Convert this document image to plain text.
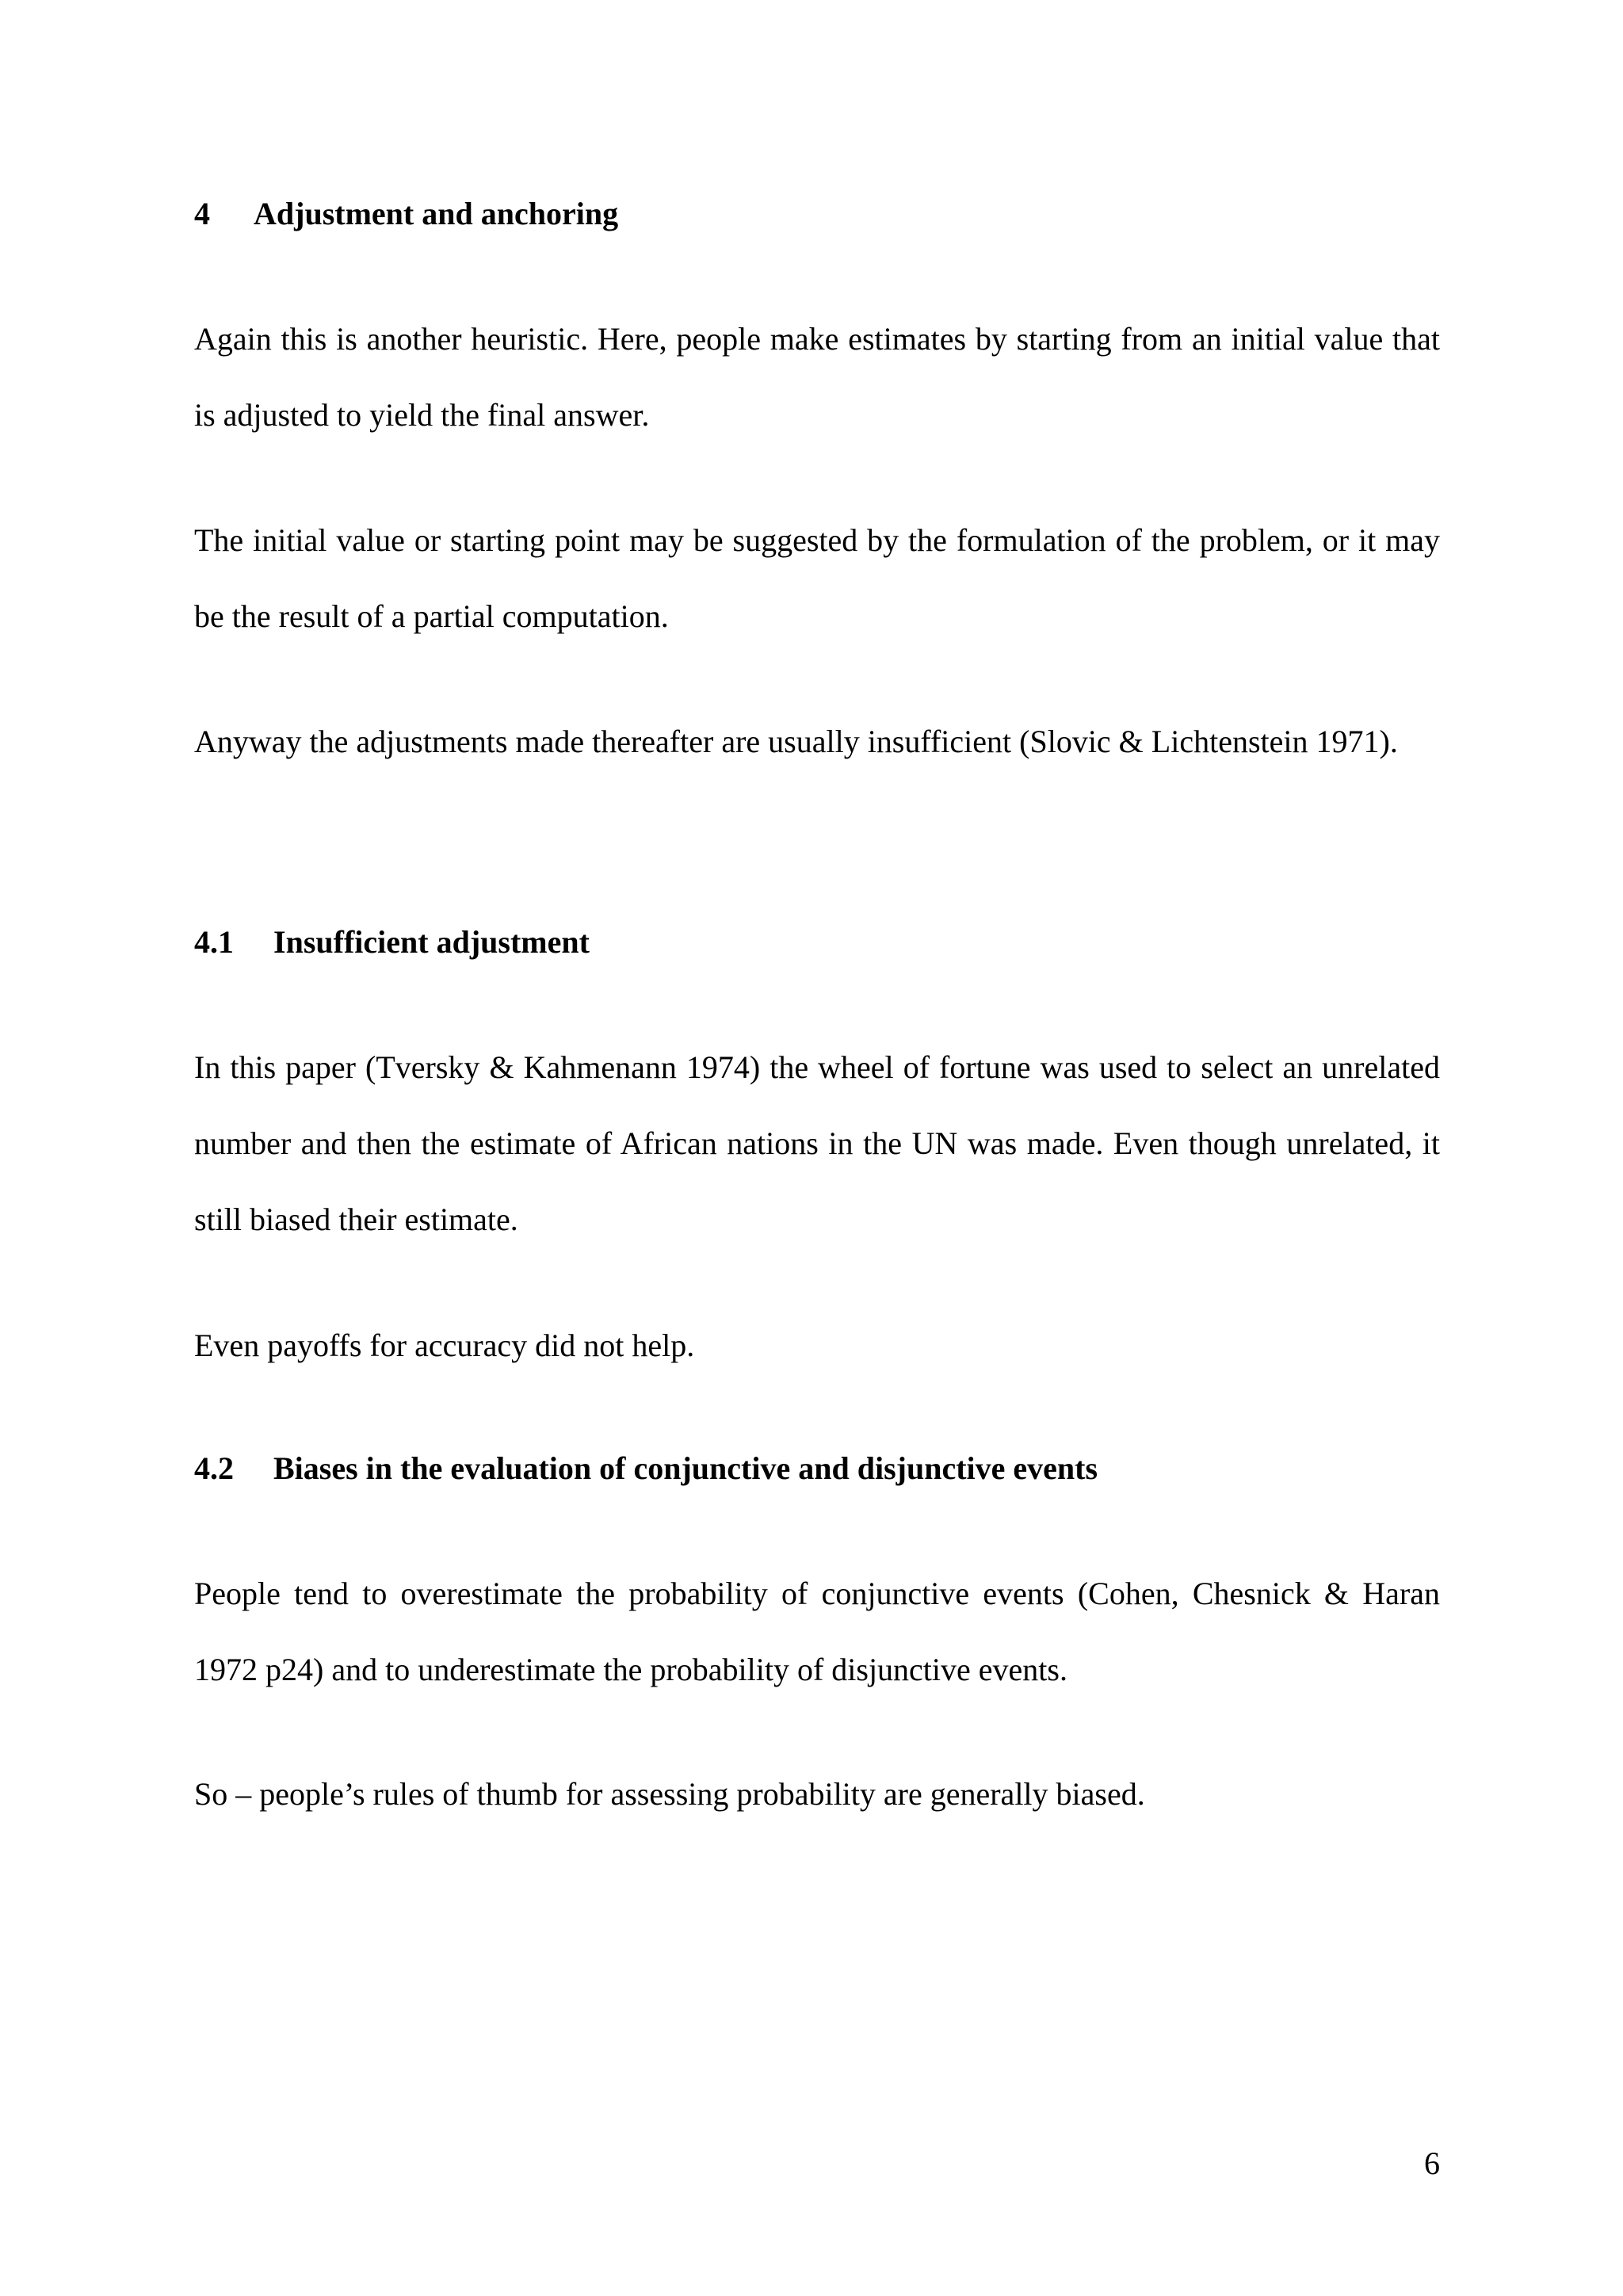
4 Adjustment and anchoring

Again this is another heuristic. Here, people make estimates by starting from an initial value that is adjusted to yield the final answer.

The initial value or starting point may be suggested by the formulation of the problem, or it may be the result of a partial computation.

Anyway the adjustments made thereafter are usually insufficient (Slovic & Lichtenstein 1971).

4.1 Insufficient adjustment

In this paper (Tversky & Kahmenann 1974) the wheel of fortune was used to select an unrelated number and then the estimate of African nations in the UN was made. Even though unrelated, it still biased their estimate.

Even payoffs for accuracy did not help.

4.2 Biases in the evaluation of conjunctive and disjunctive events

People tend to overestimate the probability of conjunctive events (Cohen, Chesnick & Haran 1972 p24) and to underestimate the probability of disjunctive events.

So – people’s rules of thumb for assessing probability are generally biased.

6
